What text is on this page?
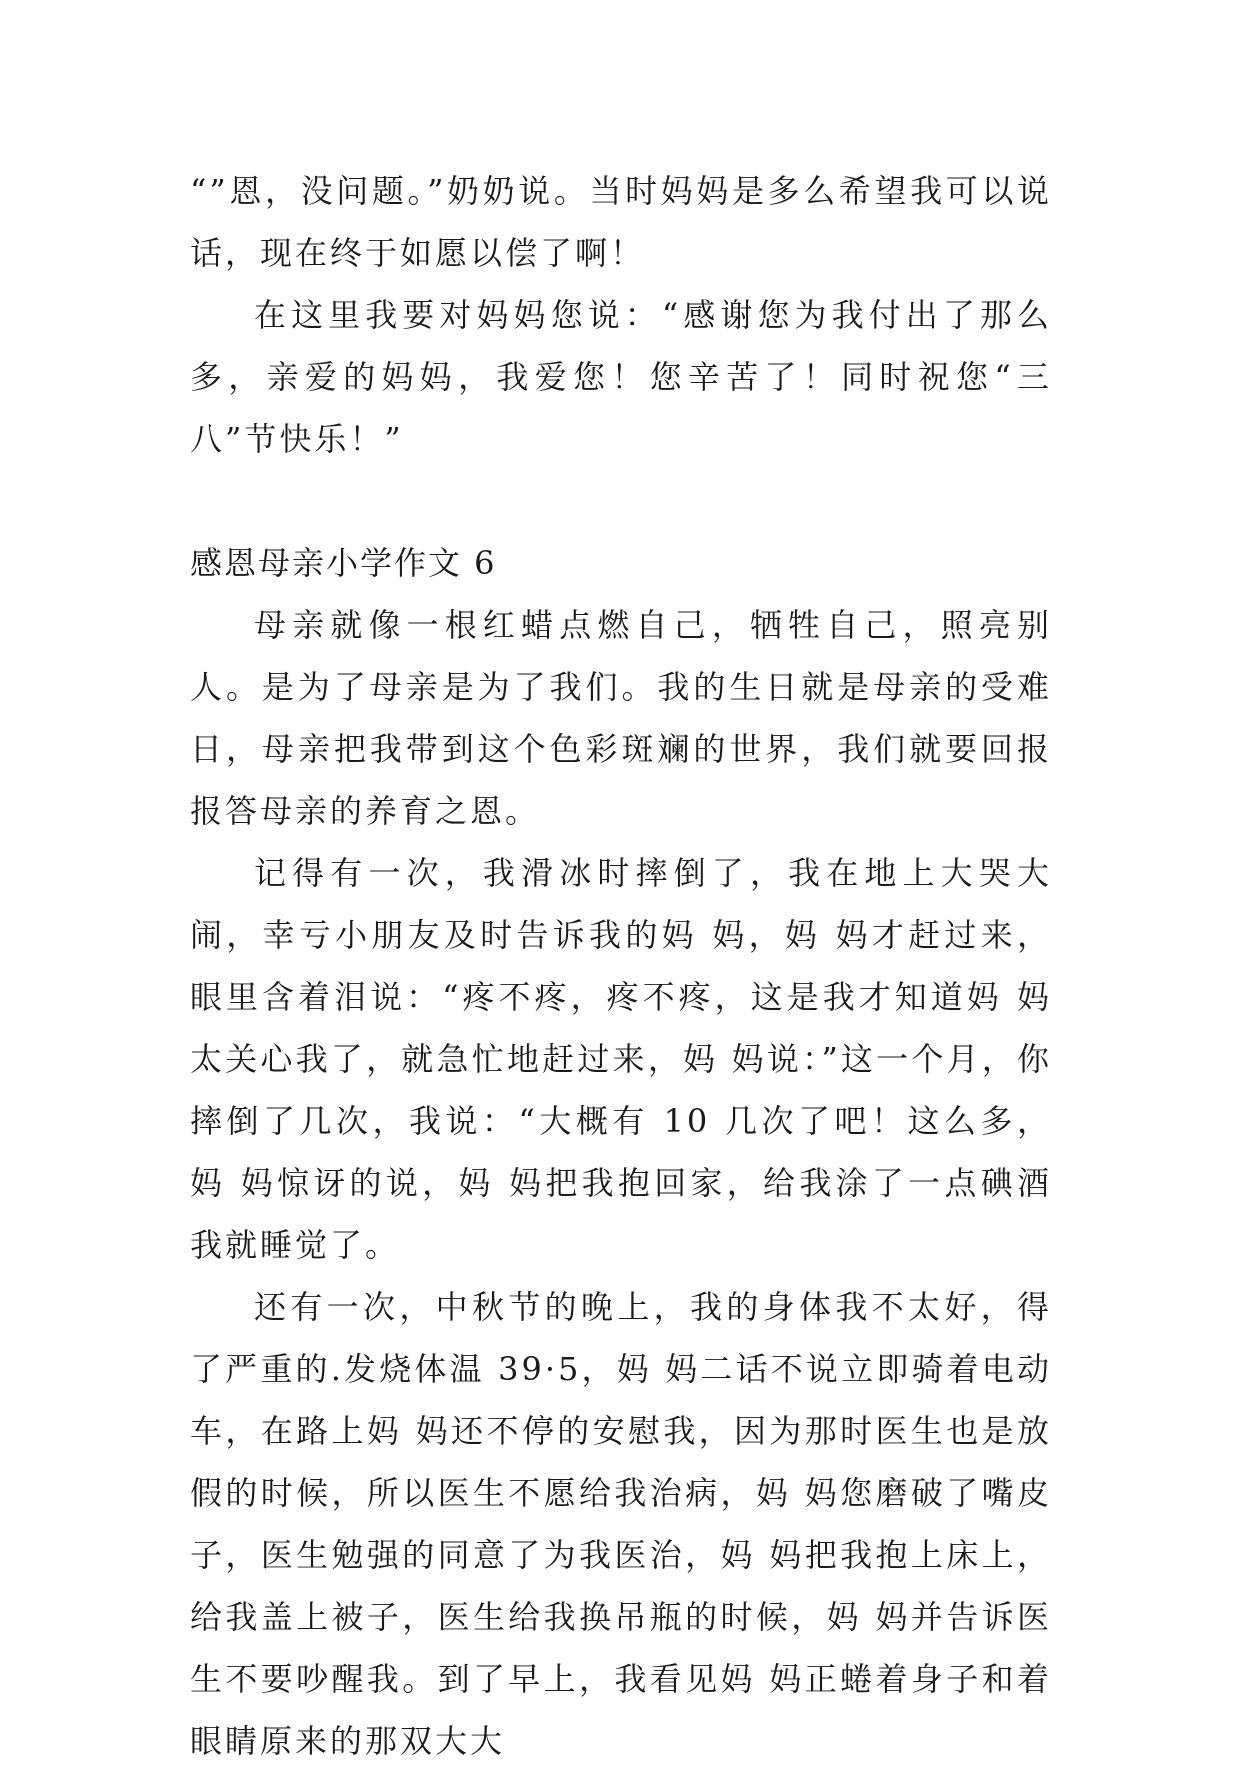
“”恩，没问题。”奶奶说。当时妈妈是多么希望我可以说话，现在终于如愿以偿了啊！

在这里我要对妈妈您说：“感谢您为我付出了那么多，亲爱的妈妈，我爱您！您辛苦了！同时祝您“三八”节快乐！”

感恩母亲小学作文 6

母亲就像一根红蜡点燃自己，牺牲自己，照亮别人。是为了母亲是为了我们。我的生日就是母亲的受难日，母亲把我带到这个色彩斑斓的世界，我们就要回报报答母亲的养育之恩。

记得有一次，我滑冰时摔倒了，我在地上大哭大闹，幸亏小朋友及时告诉我的妈 妈，妈 妈才赶过来，眼里含着泪说：“疼不疼，疼不疼，这是我才知道妈 妈太关心我了，就急忙地赶过来，妈 妈说：”这一个月，你摔倒了几次，我说：“大概有 10 几次了吧！这么多，妈 妈惊讶的说，妈 妈把我抱回家，给我涂了一点碘酒我就睡觉了。

还有一次，中秋节的晚上，我的身体我不太好，得了严重的.发烧体温 39·5，妈 妈二话不说立即骑着电动车，在路上妈 妈还不停的安慰我，因为那时医生也是放假的时候，所以医生不愿给我治病，妈 妈您磨破了嘴皮子，医生勉强的同意了为我医治，妈 妈把我抱上床上，给我盖上被子，医生给我换吊瓶的时候，妈 妈并告诉医生不要吵醒我。到了早上，我看见妈 妈正蜷着身子和着眼睛原来的那双大大
